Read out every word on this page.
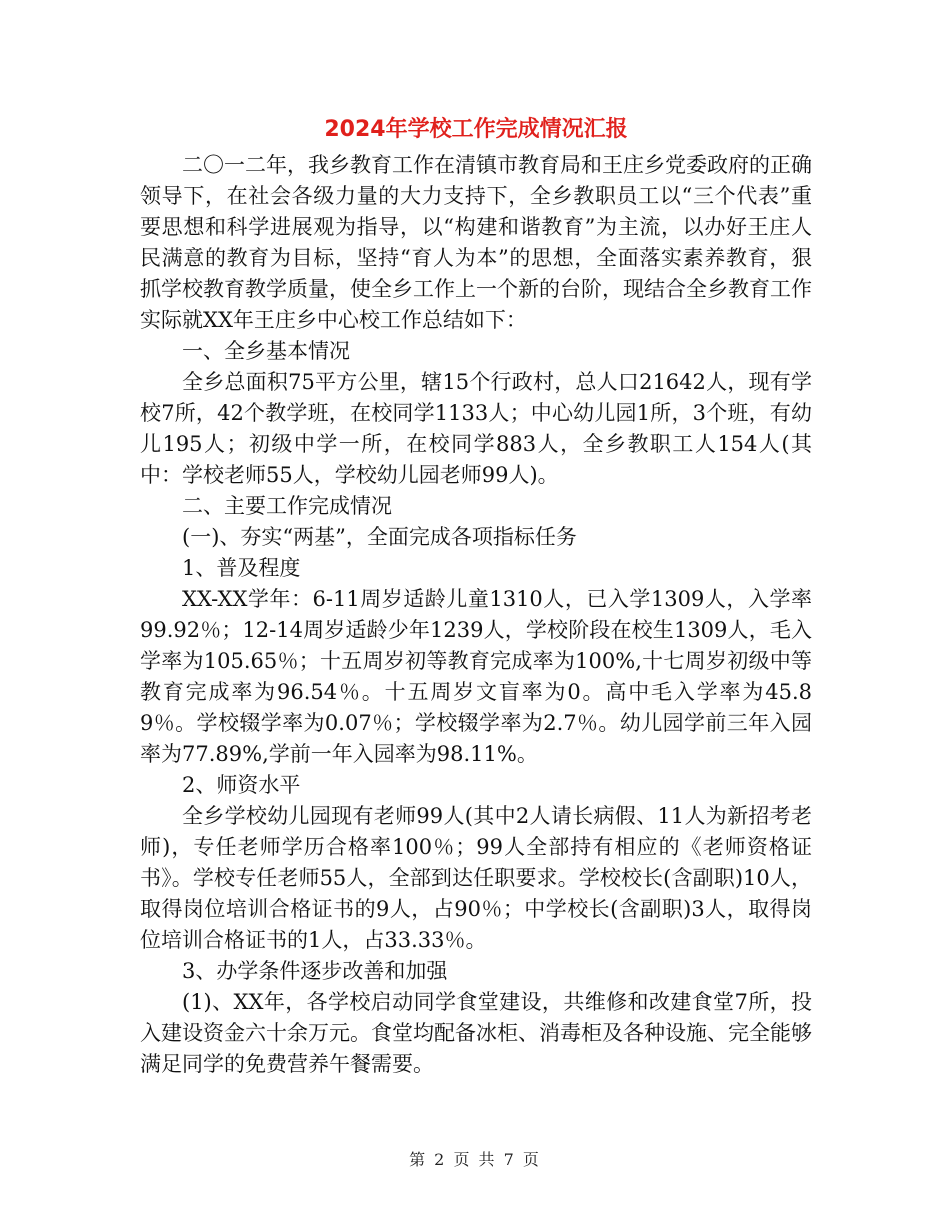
2024年学校工作完成情况汇报

二〇一二年，我乡教育工作在清镇市教育局和王庄乡党委政府的正确领导下，在社会各级力量的大力支持下，全乡教职员工以“三个代表”重要思想和科学进展观为指导，以“构建和谐教育”为主流，以办好王庄人民满意的教育为目标，坚持“育人为本”的思想，全面落实素养教育，狠抓学校教育教学质量，使全乡工作上一个新的台阶，现结合全乡教育工作实际就XX年王庄乡中心校工作总结如下：

一、全乡基本情况

全乡总面积75平方公里，辖15个行政村，总人口21642人，现有学校7所，42个教学班，在校同学1133人；中心幼儿园1所，3个班，有幼儿195人；初级中学一所，在校同学883人，全乡教职工人154人(其中：学校老师55人，学校幼儿园老师99人)。

二、主要工作完成情况

(一)、夯实“两基”，全面完成各项指标任务

1、普及程度

XX-XX学年：6-11周岁适龄儿童1310人，已入学1309人，入学率99.92％；12-14周岁适龄少年1239人，学校阶段在校生1309人，毛入学率为105.65％；十五周岁初等教育完成率为100%,十七周岁初级中等教育完成率为96.54％。十五周岁文盲率为0。高中毛入学率为45.89％。学校辍学率为0.07％；学校辍学率为2.7％。幼儿园学前三年入园率为77.89%,学前一年入园率为98.11%。

2、师资水平

全乡学校幼儿园现有老师99人(其中2人请长病假、11人为新招考老师)，专任老师学历合格率100％；99人全部持有相应的《老师资格证书》。学校专任老师55人，全部到达任职要求。学校校长(含副职)10人，取得岗位培训合格证书的9人，占90％；中学校长(含副职)3人，取得岗位培训合格证书的1人，占33.33％。

3、办学条件逐步改善和加强

(1)、XX年，各学校启动同学食堂建设，共维修和改建食堂7所，投入建设资金六十余万元。食堂均配备冰柜、消毒柜及各种设施、完全能够满足同学的免费营养午餐需要。

第 2 页 共 7 页
